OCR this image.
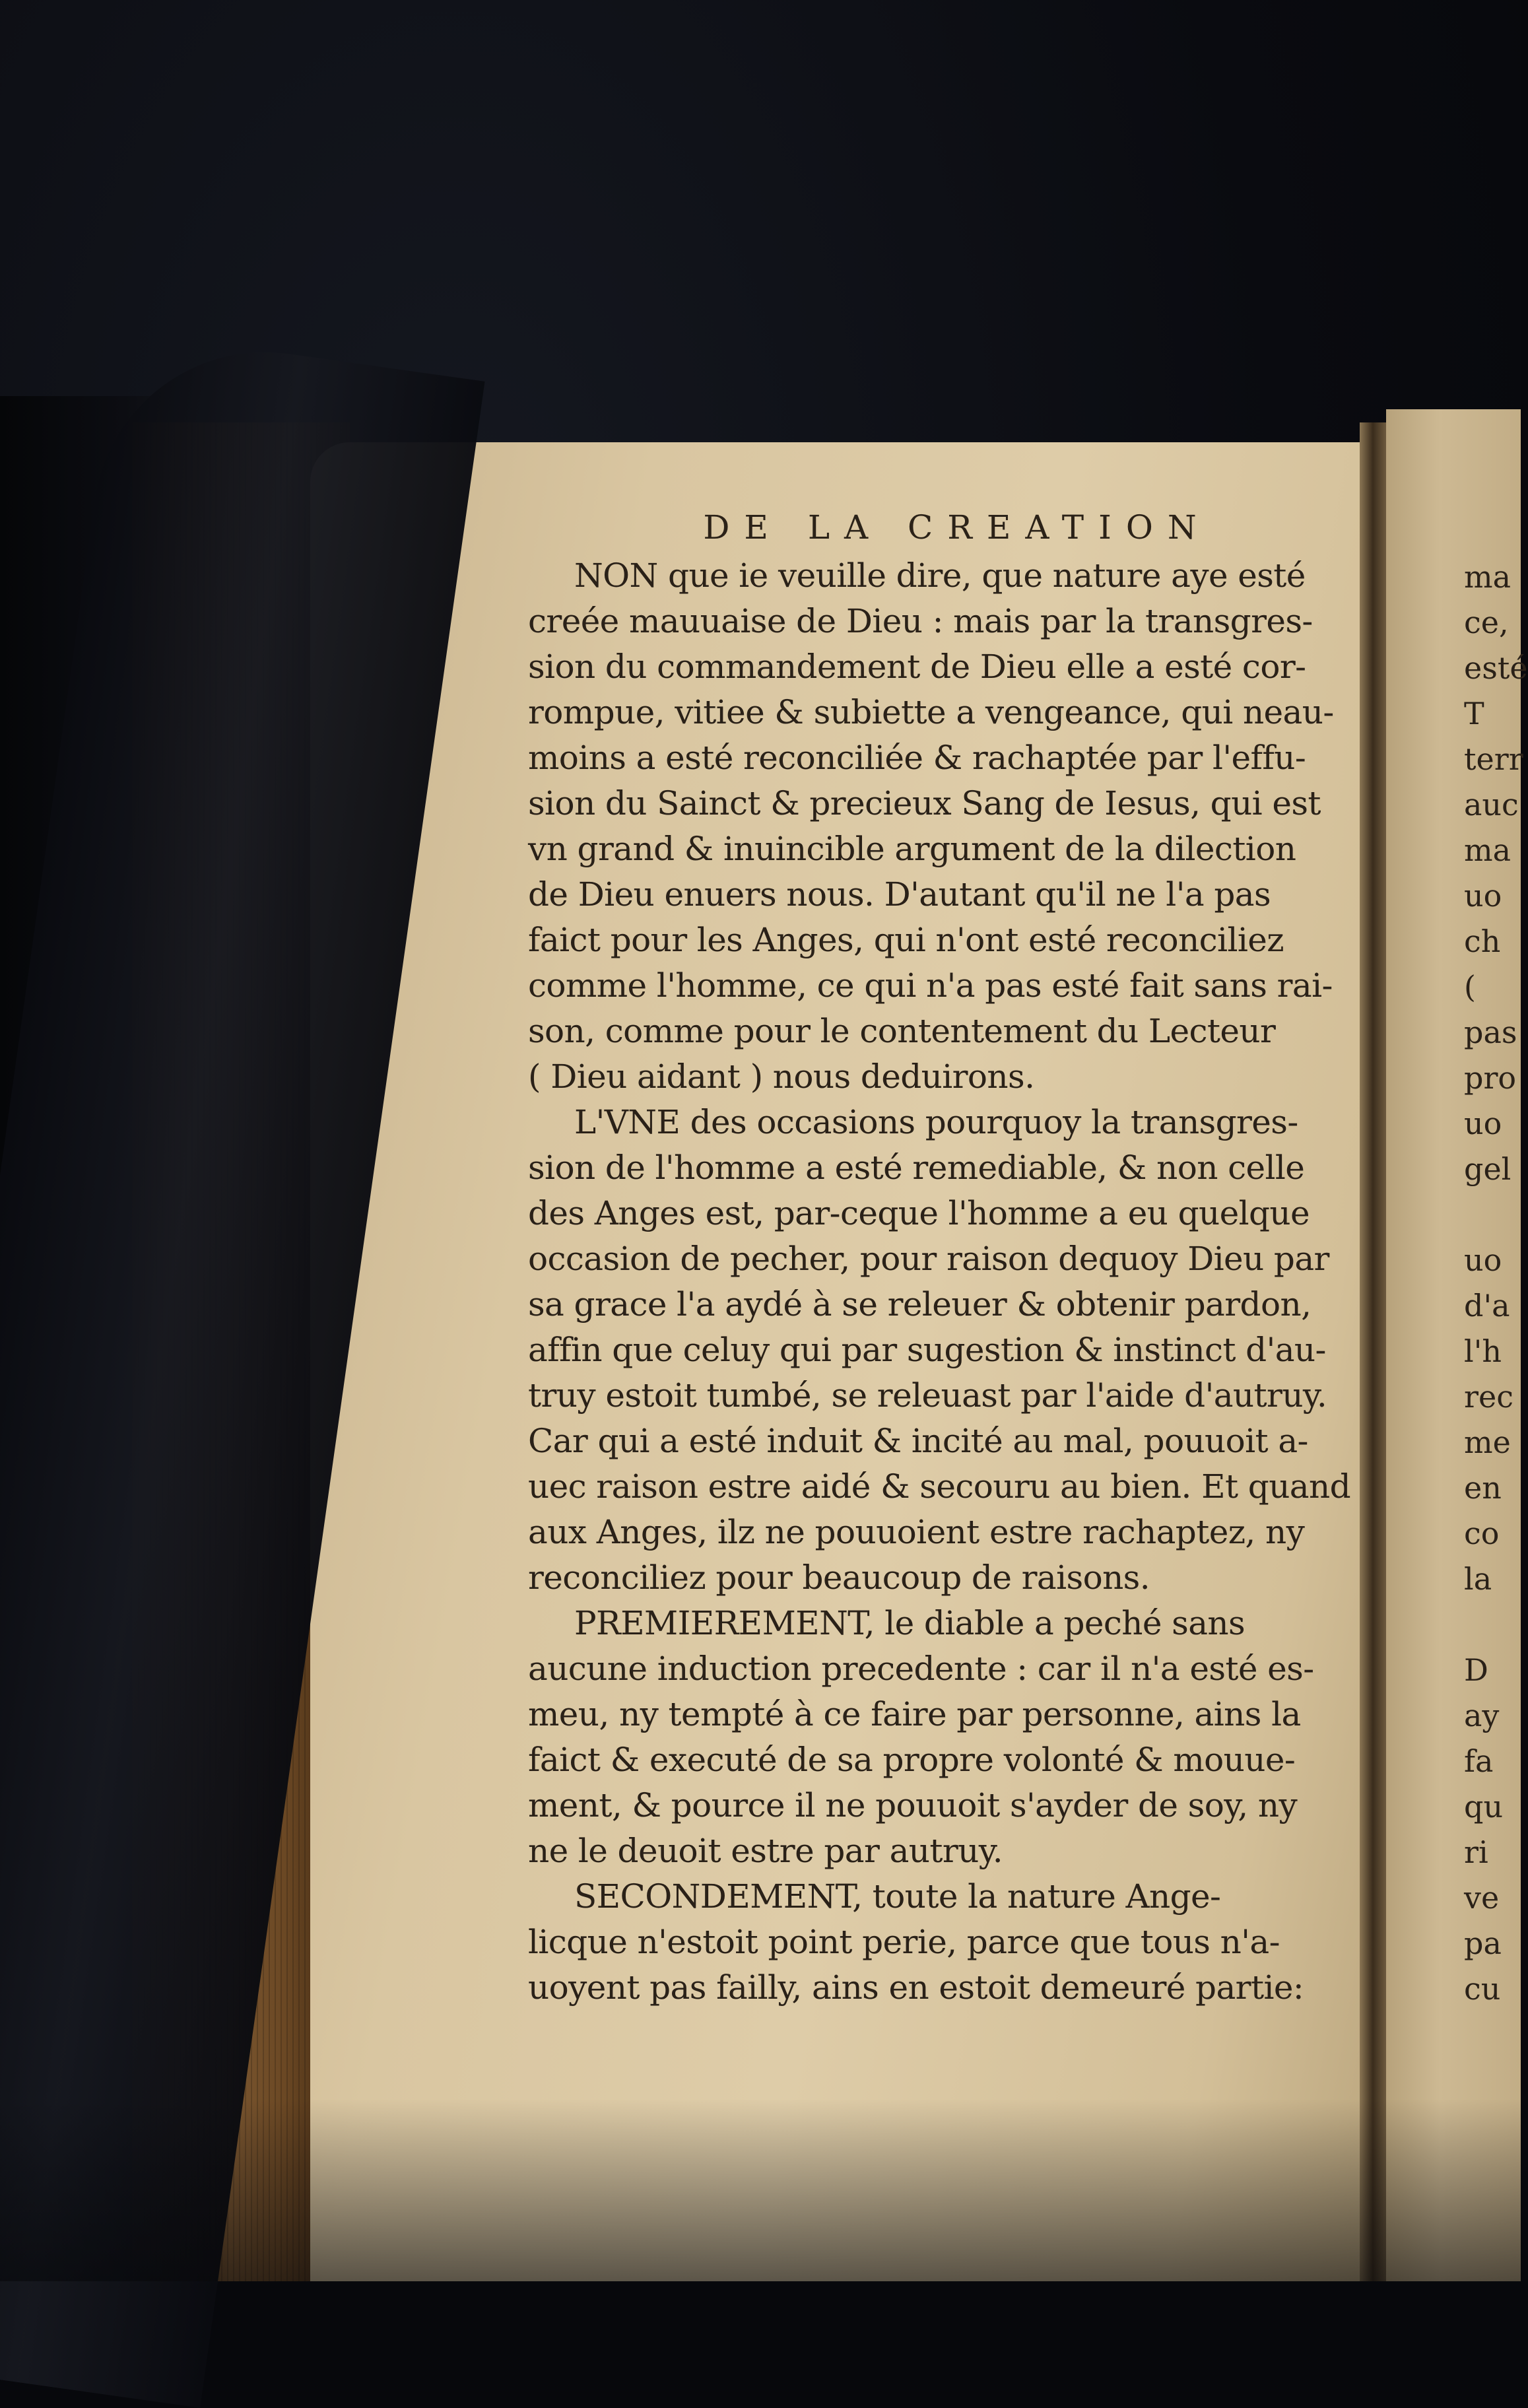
DE LA CREATION
NON que ie veuille dire, que nature aye esté
creée mauuaise de Dieu : mais par la transgres-
sion du commandement de Dieu elle a esté cor-
rompue, vitiee & subiette a vengeance, qui neau-
moins a esté reconciliée & rachaptée par l'effu-
sion du Sainct & precieux Sang de Iesus, qui est
vn grand & inuincible argument de la dilection
de Dieu enuers nous. D'autant qu'il ne l'a pas
faict pour les Anges, qui n'ont esté reconciliez
comme l'homme, ce qui n'a pas esté fait sans rai-
son, comme pour le contentement du Lecteur
( Dieu aidant ) nous deduirons.
L'VNE des occasions pourquoy la transgres-
sion de l'homme a esté remediable, & non celle
des Anges est, par-ceque l'homme a eu quelque
occasion de pecher, pour raison dequoy Dieu par
sa grace l'a aydé à se releuer & obtenir pardon,
affin que celuy qui par sugestion & instinct d'au-
truy estoit tumbé, se releuast par l'aide d'autruy.
Car qui a esté induit & incité au mal, pouuoit a-
uec raison estre aidé & secouru au bien. Et quand
aux Anges, ilz ne pouuoient estre rachaptez, ny
reconciliez pour beaucoup de raisons.
PREMIEREMENT, le diable a peché sans
aucune induction precedente : car il n'a esté es-
meu, ny tempté à ce faire par personne, ains la
faict & executé de sa propre volonté & mouue-
ment, & pource il ne pouuoit s'ayder de soy, ny
ne le deuoit estre par autruy.
SECONDEMENT, toute la nature Ange-
licque n'estoit point perie, parce que tous n'a-
uoyent pas failly, ains en estoit demeuré partie:
ma
ce,
esté
T
terr
auc
ma
uo
ch
(
pas
pro
uo
gel
uo
d'a
l'h
rec
me
en
co
la
D
ay
fa
qu
ri
ve
pa
cu
